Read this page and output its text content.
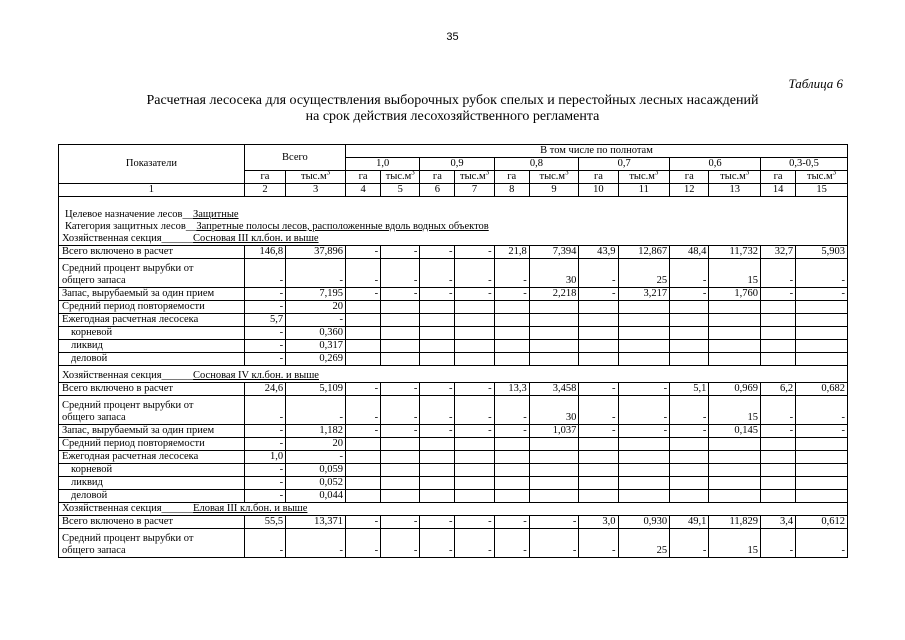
35
Таблица 6
Расчетная лесосека для осуществления выборочных рубок спелых и перестойных лесных насаждений
на срок действия лесохозяйственного регламента
Показатели	Всего		В том числе по полнотам											
			1,0		0,9		0,8		0,7		0,6		0,3-0,5	
	га	$тыс.м^3$	га	$тыс.м^3$	га	$тыс.м^3$	га	$тыс.м^3$	га	$тыс.м^3$	га	$тыс.м^3$	га	$тыс.м^3$
1	2	3	4	5	6	7	8	9	10	11	12	13	14	15

Целевое назначение лесов__Защитные														
Категория защитных лесов__Запретные полосы лесов, расположенные вдоль водных объектов														
Хозяйственная секция______Сосновая III кл.бон. и выше														
Всего включено в расчет	146,8	37,896	-	-	-	-	21,8	7,394	43,9	12,867	48,4	11,732	32,7	5,903

Средний процент вырубки от
общего запаса	-	-	-	-	-	-	-	30	-	25	-	15	-	-
Запас, вырубаемый за один прием	-	7,195	-	-	-	-	-	2,218	-	3,217	-	1,760	-	-
Средний период повторяемости	-	20												
Ежегодная расчетная лесосека	5,7	-												
корневой	-	0,360												
ликвид	-	0,317												
деловой	-	0,269												

Хозяйственная секция______Сосновая IV кл.бон. и выше														
Всего включено в расчет	24,6	5,109	-	-	-	-	13,3	3,458	-	-	5,1	0,969	6,2	0,682

Средний процент вырубки от
общего запаса	-	-	-	-	-	-	-	30	-	-	-	15	-	-
Запас, вырубаемый за один прием	-	1,182	-	-	-	-	-	1,037	-	-	-	0,145	-	-
Средний период повторяемости	-	20												
Ежегодная расчетная лесосека	1,0	-												
корневой	-	0,059												
ликвид	-	0,052												
деловой	-	0,044												
Хозяйственная секция______Еловая III кл.бон. и выше														
Всего включено в расчет	55,5	13,371	-	-	-	-	-	-	3,0	0,930	49,1	11,829	3,4	0,612

Средний процент вырубки от
общего запаса	-	-	-	-	-	-	-	-	-	25	-	15	-	-
